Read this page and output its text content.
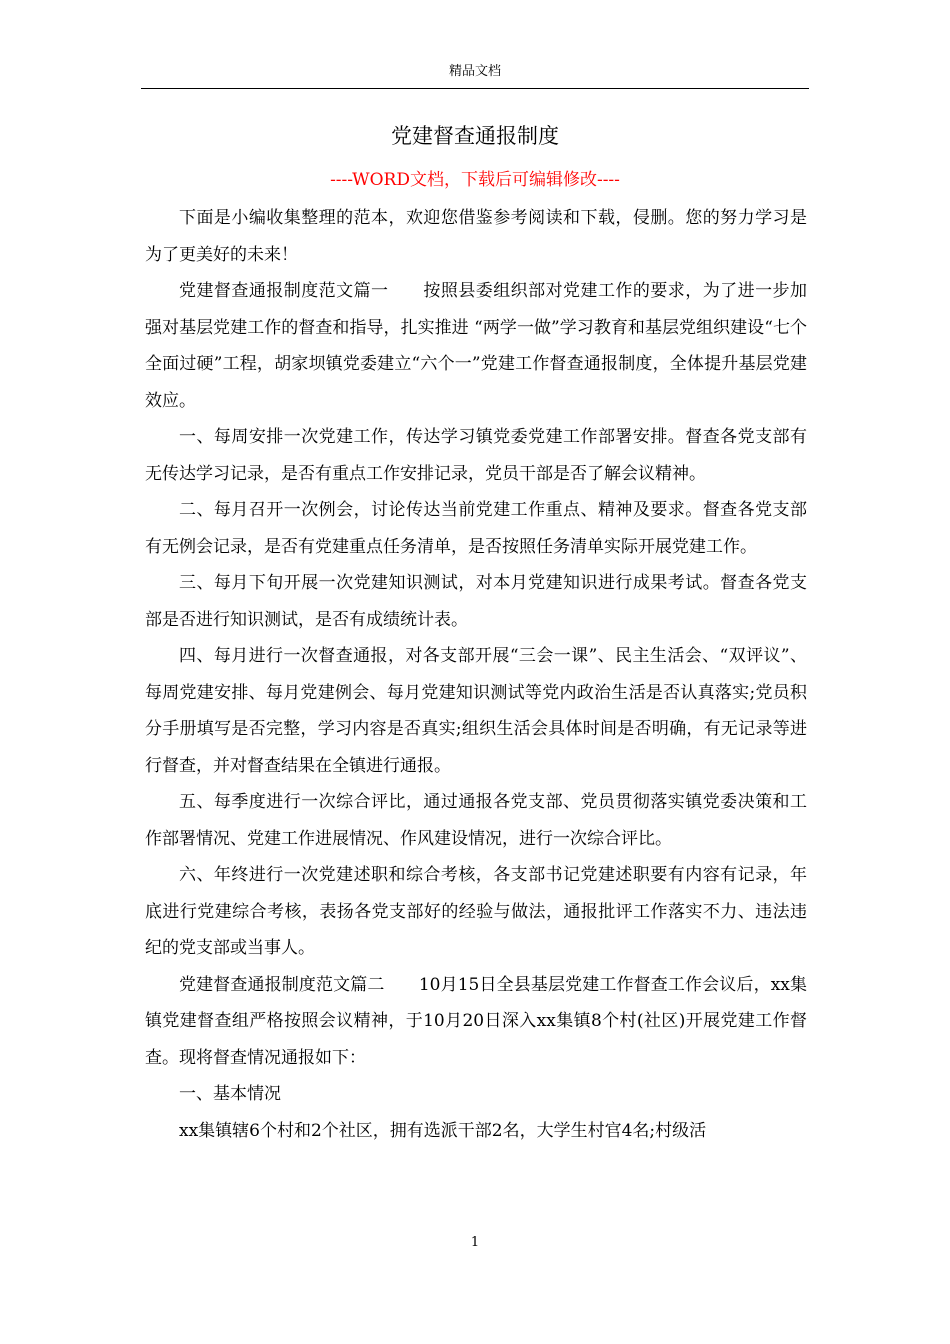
精品文档
党建督查通报制度
----WORD文档，下载后可编辑修改----

下面是小编收集整理的范本，欢迎您借鉴参考阅读和下载，侵删。您的努力学习是为了更美好的未来！

党建督查通报制度范文篇一　　按照县委组织部对党建工作的要求，为了进一步加强对基层党建工作的督查和指导，扎实推进 “两学一做”学习教育和基层党组织建设“七个全面过硬”工程，胡家坝镇党委建立“六个一”党建工作督查通报制度，全体提升基层党建效应。

一、每周安排一次党建工作，传达学习镇党委党建工作部署安排。督查各党支部有无传达学习记录，是否有重点工作安排记录，党员干部是否了解会议精神。

二、每月召开一次例会，讨论传达当前党建工作重点、精神及要求。督查各党支部有无例会记录，是否有党建重点任务清单，是否按照任务清单实际开展党建工作。

三、每月下旬开展一次党建知识测试，对本月党建知识进行成果考试。督查各党支部是否进行知识测试，是否有成绩统计表。

四、每月进行一次督查通报，对各支部开展“三会一课”、民主生活会、“双评议”、每周党建安排、每月党建例会、每月党建知识测试等党内政治生活是否认真落实;党员积分手册填写是否完整，学习内容是否真实;组织生活会具体时间是否明确，有无记录等进行督查，并对督查结果在全镇进行通报。

五、每季度进行一次综合评比，通过通报各党支部、党员贯彻落实镇党委决策和工作部署情况、党建工作进展情况、作风建设情况，进行一次综合评比。

六、年终进行一次党建述职和综合考核，各支部书记党建述职要有内容有记录，年底进行党建综合考核，表扬各党支部好的经验与做法，通报批评工作落实不力、违法违纪的党支部或当事人。

党建督查通报制度范文篇二　　10月15日全县基层党建工作督查工作会议后，xx集镇党建督查组严格按照会议精神，于10月20日深入xx集镇8个村(社区)开展党建工作督查。现将督查情况通报如下：

一、基本情况

xx集镇辖6个村和2个社区，拥有选派干部2名，大学生村官4名;村级活

1
